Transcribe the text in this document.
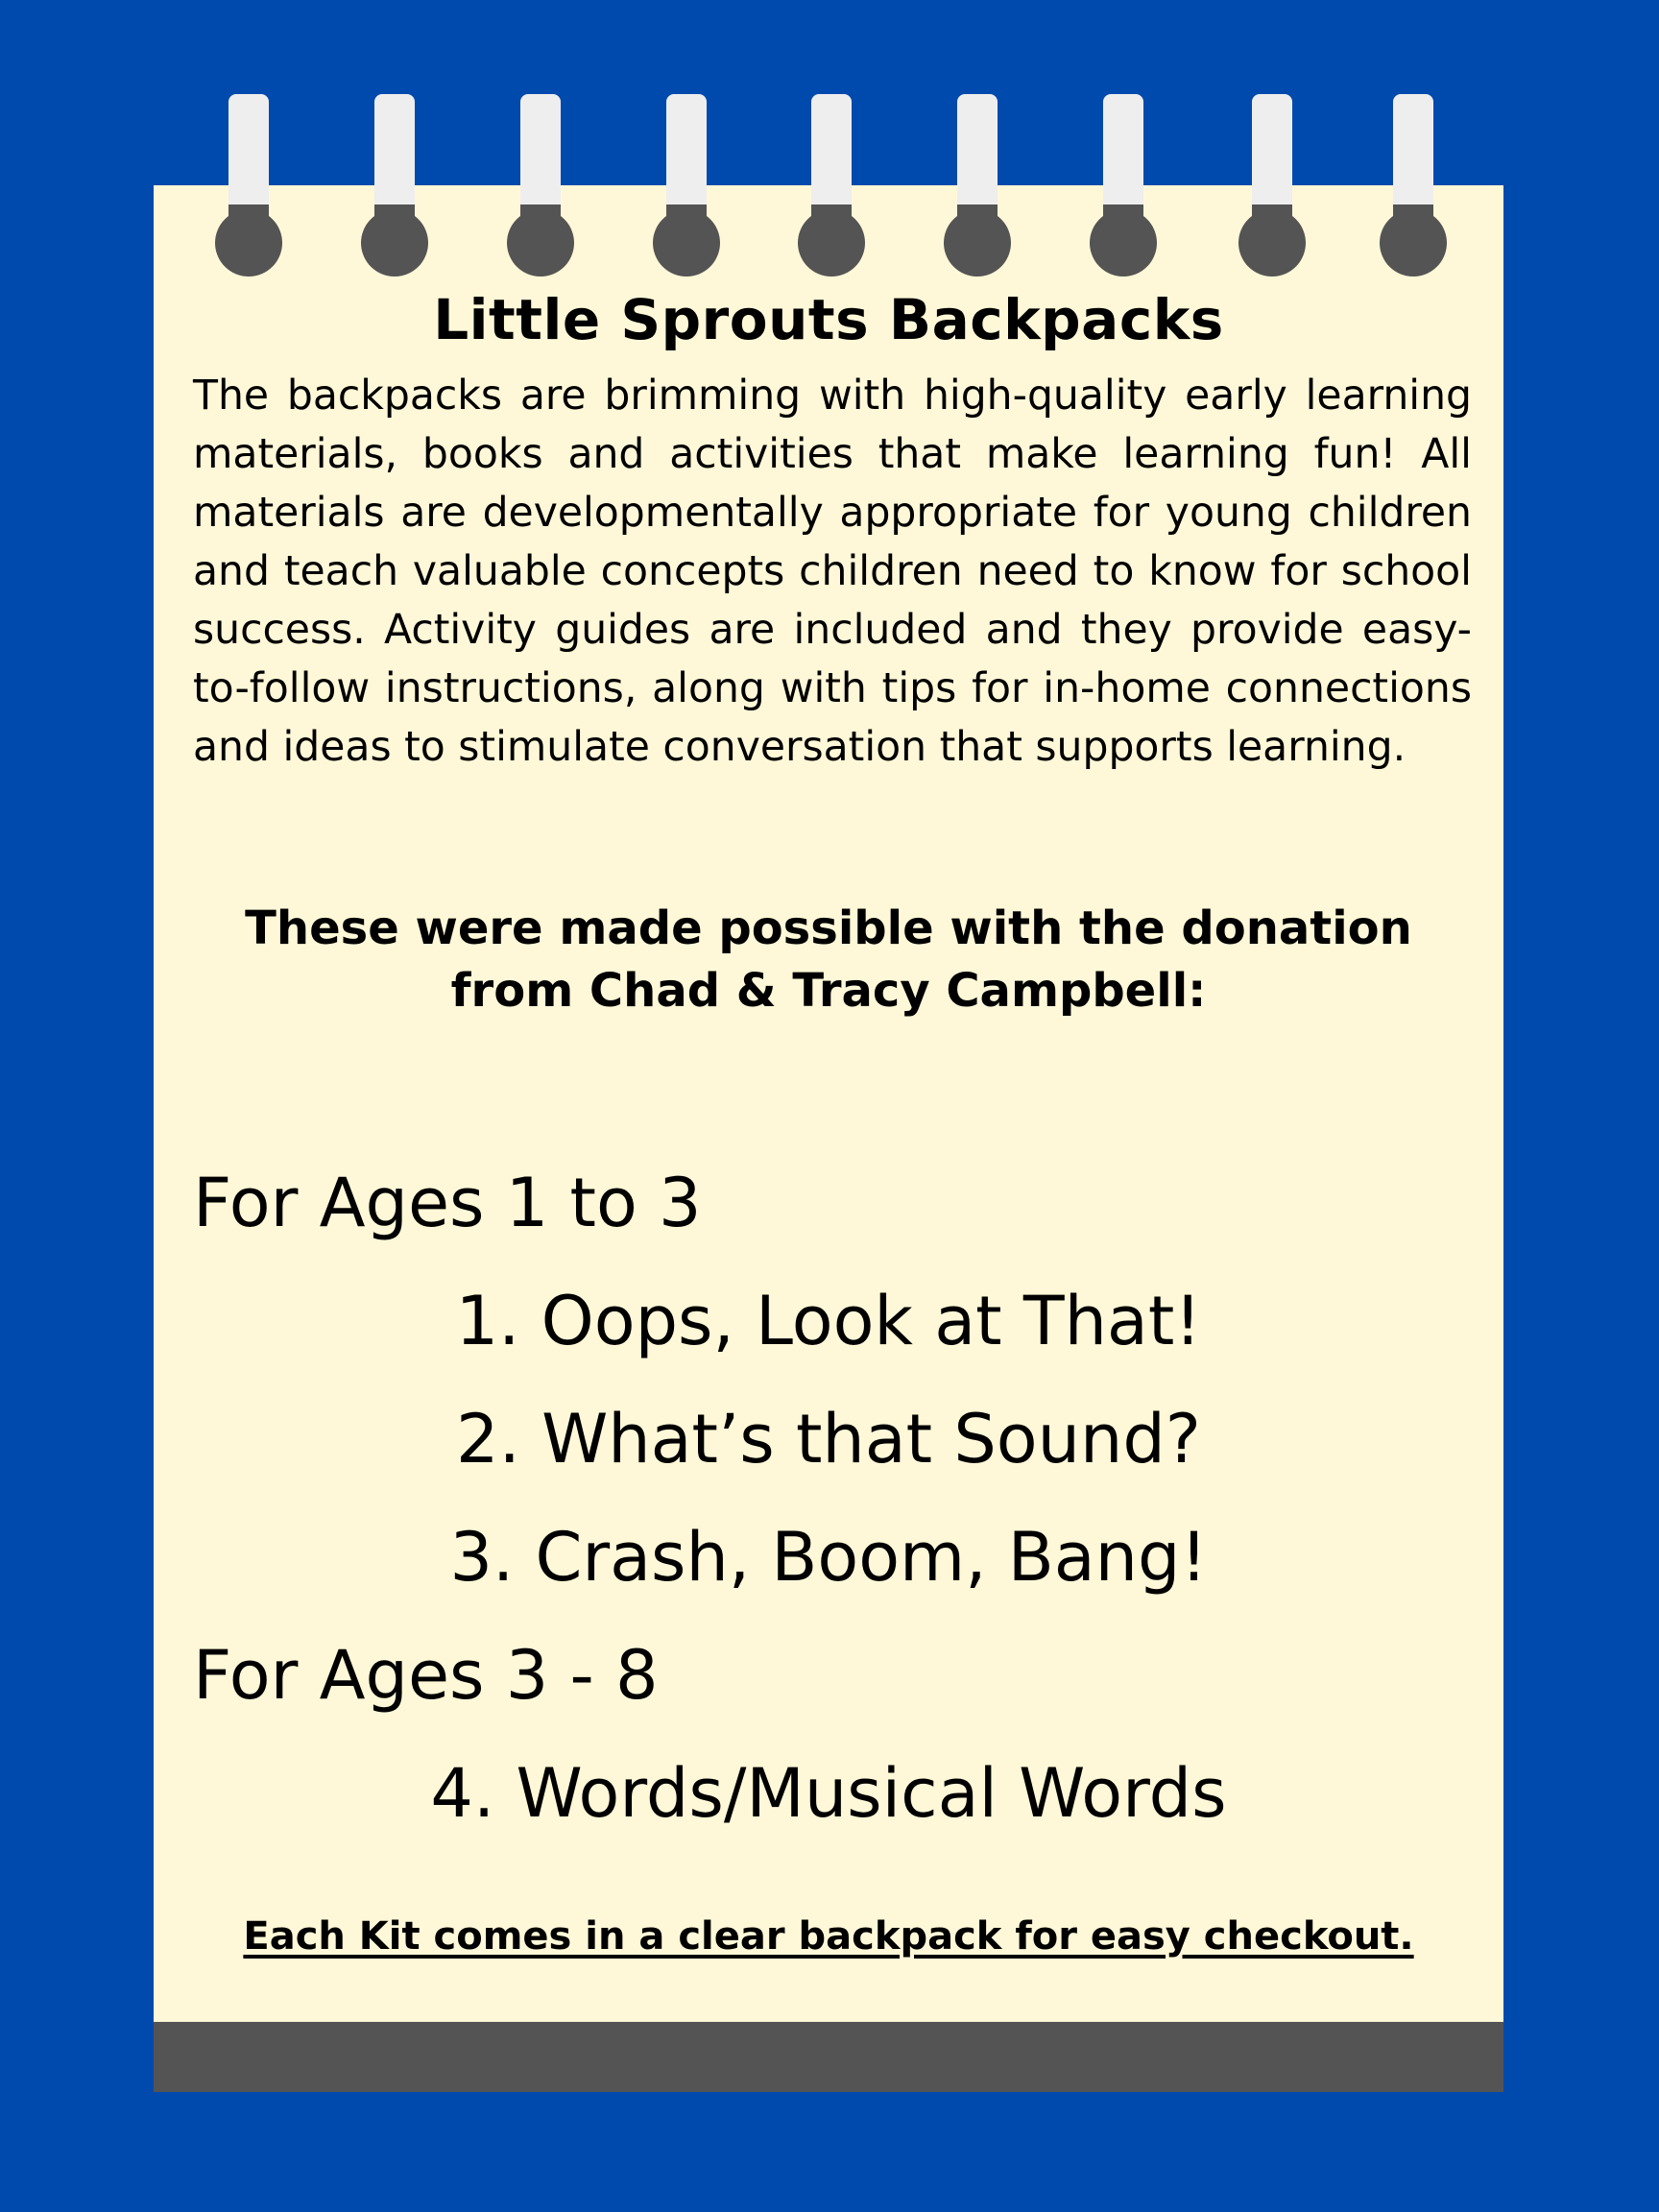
Little Sprouts Backpacks

The backpacks are brimming with high-quality early learning materials, books and activities that make learning fun! All materials are developmentally appropriate for young children and teach valuable concepts children need to know for school success. Activity guides are included and they provide easy-to-follow instructions, along with tips for in-home connections and ideas to stimulate conversation that supports learning.

These were made possible with the donation
from Chad & Tracy Campbell:
For Ages 1 to 3
1. Oops, Look at That!
2. What’s that Sound?
3. Crash, Boom, Bang!
For Ages 3 - 8
4. Words/Musical Words

Each Kit comes in a clear backpack for easy checkout.
